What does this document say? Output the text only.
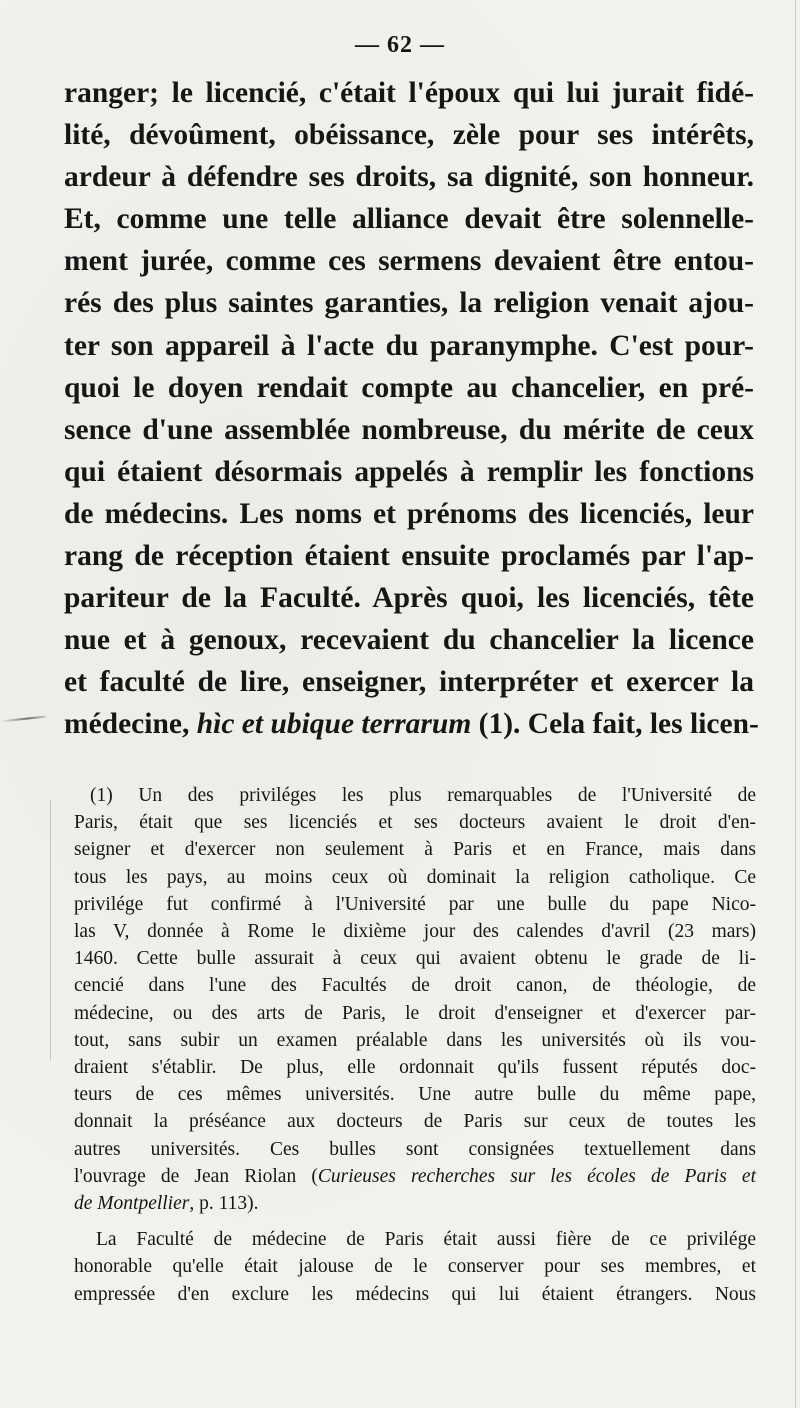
— 62 —
ranger; le licencié, c'était l'époux qui lui jurait fidé-
lité, dévoûment, obéissance, zèle pour ses intérêts,
ardeur à défendre ses droits, sa dignité, son honneur.
Et, comme une telle alliance devait être solennelle-
ment jurée, comme ces sermens devaient être entou-
rés des plus saintes garanties, la religion venait ajou-
ter son appareil à l'acte du paranymphe. C'est pour-
quoi le doyen rendait compte au chancelier, en pré-
sence d'une assemblée nombreuse, du mérite de ceux
qui étaient désormais appelés à remplir les fonctions
de médecins. Les noms et prénoms des licenciés, leur
rang de réception étaient ensuite proclamés par l'ap-
pariteur de la Faculté. Après quoi, les licenciés, tête
nue et à genoux, recevaient du chancelier la licence
et faculté de lire, enseigner, interpréter et exercer la
médecine, hìc et ubique terrarum (1). Cela fait, les licen-
(1) Un des priviléges les plus remarquables de l'Université de
Paris, était que ses licenciés et ses docteurs avaient le droit d'en-
seigner et d'exercer non seulement à Paris et en France, mais dans
tous les pays, au moins ceux où dominait la religion catholique. Ce
privilége fut confirmé à l'Université par une bulle du pape Nico-
las V, donnée à Rome le dixième jour des calendes d'avril (23 mars)
1460. Cette bulle assurait à ceux qui avaient obtenu le grade de li-
cencié dans l'une des Facultés de droit canon, de théologie, de
médecine, ou des arts de Paris, le droit d'enseigner et d'exercer par-
tout, sans subir un examen préalable dans les universités où ils vou-
draient s'établir. De plus, elle ordonnait qu'ils fussent réputés doc-
teurs de ces mêmes universités. Une autre bulle du même pape,
donnait la préséance aux docteurs de Paris sur ceux de toutes les
autres universités. Ces bulles sont consignées textuellement dans
l'ouvrage de Jean Riolan (Curieuses recherches sur les écoles de Paris et
de Montpellier, p. 113).
La Faculté de médecine de Paris était aussi fière de ce privilége
honorable qu'elle était jalouse de le conserver pour ses membres, et
empressée d'en exclure les médecins qui lui étaient étrangers. Nous
